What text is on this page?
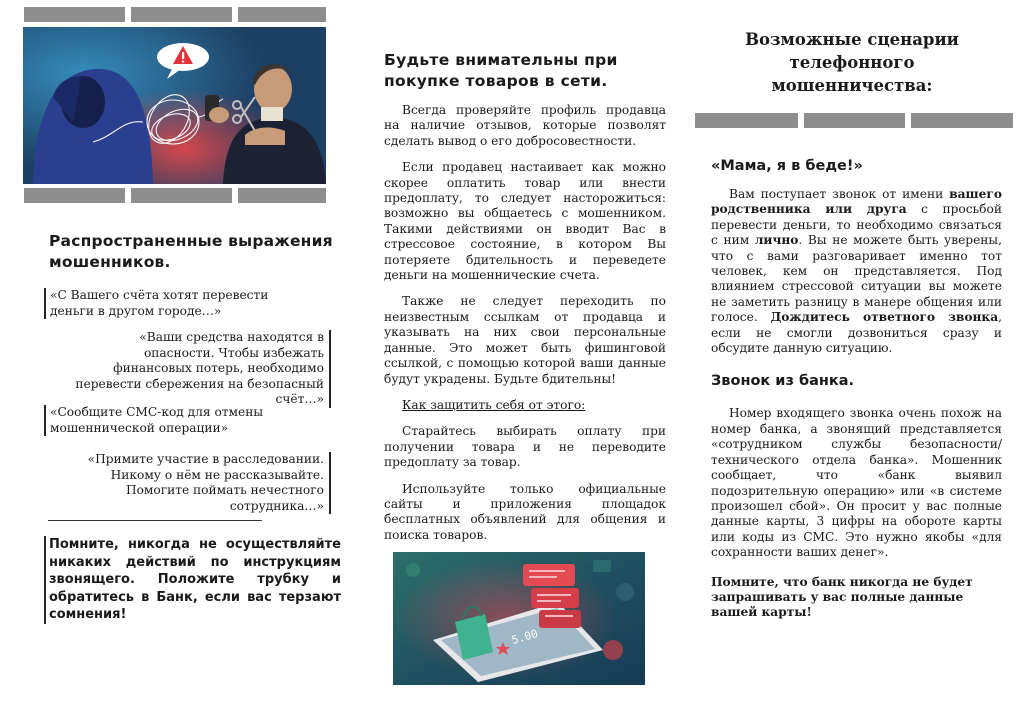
Распространенные выражения мошенников.
«С Вашего счёта хотят перевести деньги в другом городе…»
«Ваши средства находятся в опасности. Чтобы избежать финансовых потерь, необходимо перевести сбережения на безопасный счёт…»
«Сообщите СМС-код для отмены мошеннической операции»
«Примите участие в расследовании. Никому о нём не рассказывайте. Помогите поймать нечестного сотрудника…»

Помните, никогда не осуществляйте никаких действий по инструкциям звонящего. Положите трубку и обратитесь в Банк, если вас терзают сомнения!

Будьте внимательны при покупке товаров в сети.

Всегда проверяйте профиль продавца на наличие отзывов, которые позволят сделать вывод о его добросовестности.

Если продавец настаивает как можно скорее оплатить товар или внести предоплату, то следует насторожиться: возможно вы общаетесь с мошенником. Такими действиями он вводит Вас в стрессовое состояние, в котором Вы потеряете бдительность и переведете деньги на мошеннические счета.

Также не следует переходить по неизвестным ссылкам от продавца и указывать на них свои персональные данные. Это может быть фишинговой ссылкой, с помощью которой ваши данные будут украдены. Будьте бдительны!

Как защитить себя от этого:

Старайтесь выбирать оплату при получении товара и не переводите предоплату за товар.

Используйте только официальные сайты и приложения площадок бесплатных объявлений для общения и поиска товаров.

5.00
Возможные сценарии телефонного мошенничества:
«Мама, я в беде!»

Вам поступает звонок от имени вашего родственника или друга с просьбой перевести деньги, то необходимо связаться с ним лично. Вы не можете быть уверены, что с вами разговаривает именно тот человек, кем он представляется. Под влиянием стрессовой ситуации вы можете не заметить разницу в манере общения или голосе. Дождитесь ответного звонка, если не смогли дозвониться сразу и обсудите данную ситуацию.

Звонок из банка.

Номер входящего звонка очень похож на номер банка, а звонящий представляется «сотрудником службы безопасности/ технического отдела банка». Мошенник сообщает, что «банк выявил подозрительную операцию» или «в системе произошел сбой». Он просит у вас полные данные карты, 3 цифры на обороте карты или коды из СМС. Это нужно якобы «для сохранности ваших денег».

Помните, что банк никогда не будет запрашивать у вас полные данные вашей карты!
